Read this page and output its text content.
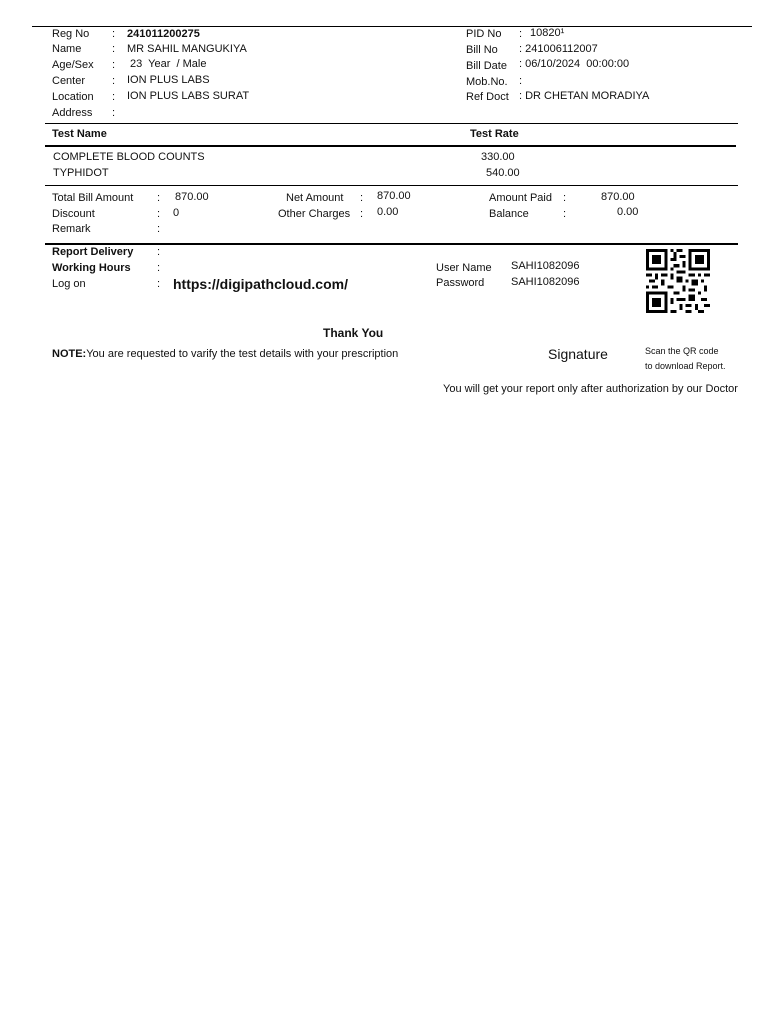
Reg No : 241011200275
Name	: MR SAHIL MANGUKIYA
Age/Sex : 23  Year  / Male
Center : ION PLUS LABS
Location : ION PLUS LABS SURAT
Address :
PID No : 10820¹
Bill No : 241006112007
Bill Date : 06/10/2024  00:00:00
Mob.No. :
Ref Doct : DR CHETAN MORADIYA
Test Name	Test Rate
COMPLETE BLOOD COUNTS	330.00
TYPHIDOT	540.00
Total Bill Amount : 870.00
Discount	: 0
Remark	:
Net Amount : 870.00
Other Charges : 0.00
Amount Paid :	870.00
Balance	:	0.00
Report Delivery :
Working Hours :
Log on	: https://digipathcloud.com/
User Name SAHI1082096
Password SAHI1082096
Thank You
NOTE:You are requested to varify the test details with your prescription	Signature	Scan the QR code
to download Report.
You will get your report only after authorization by our Doctor
